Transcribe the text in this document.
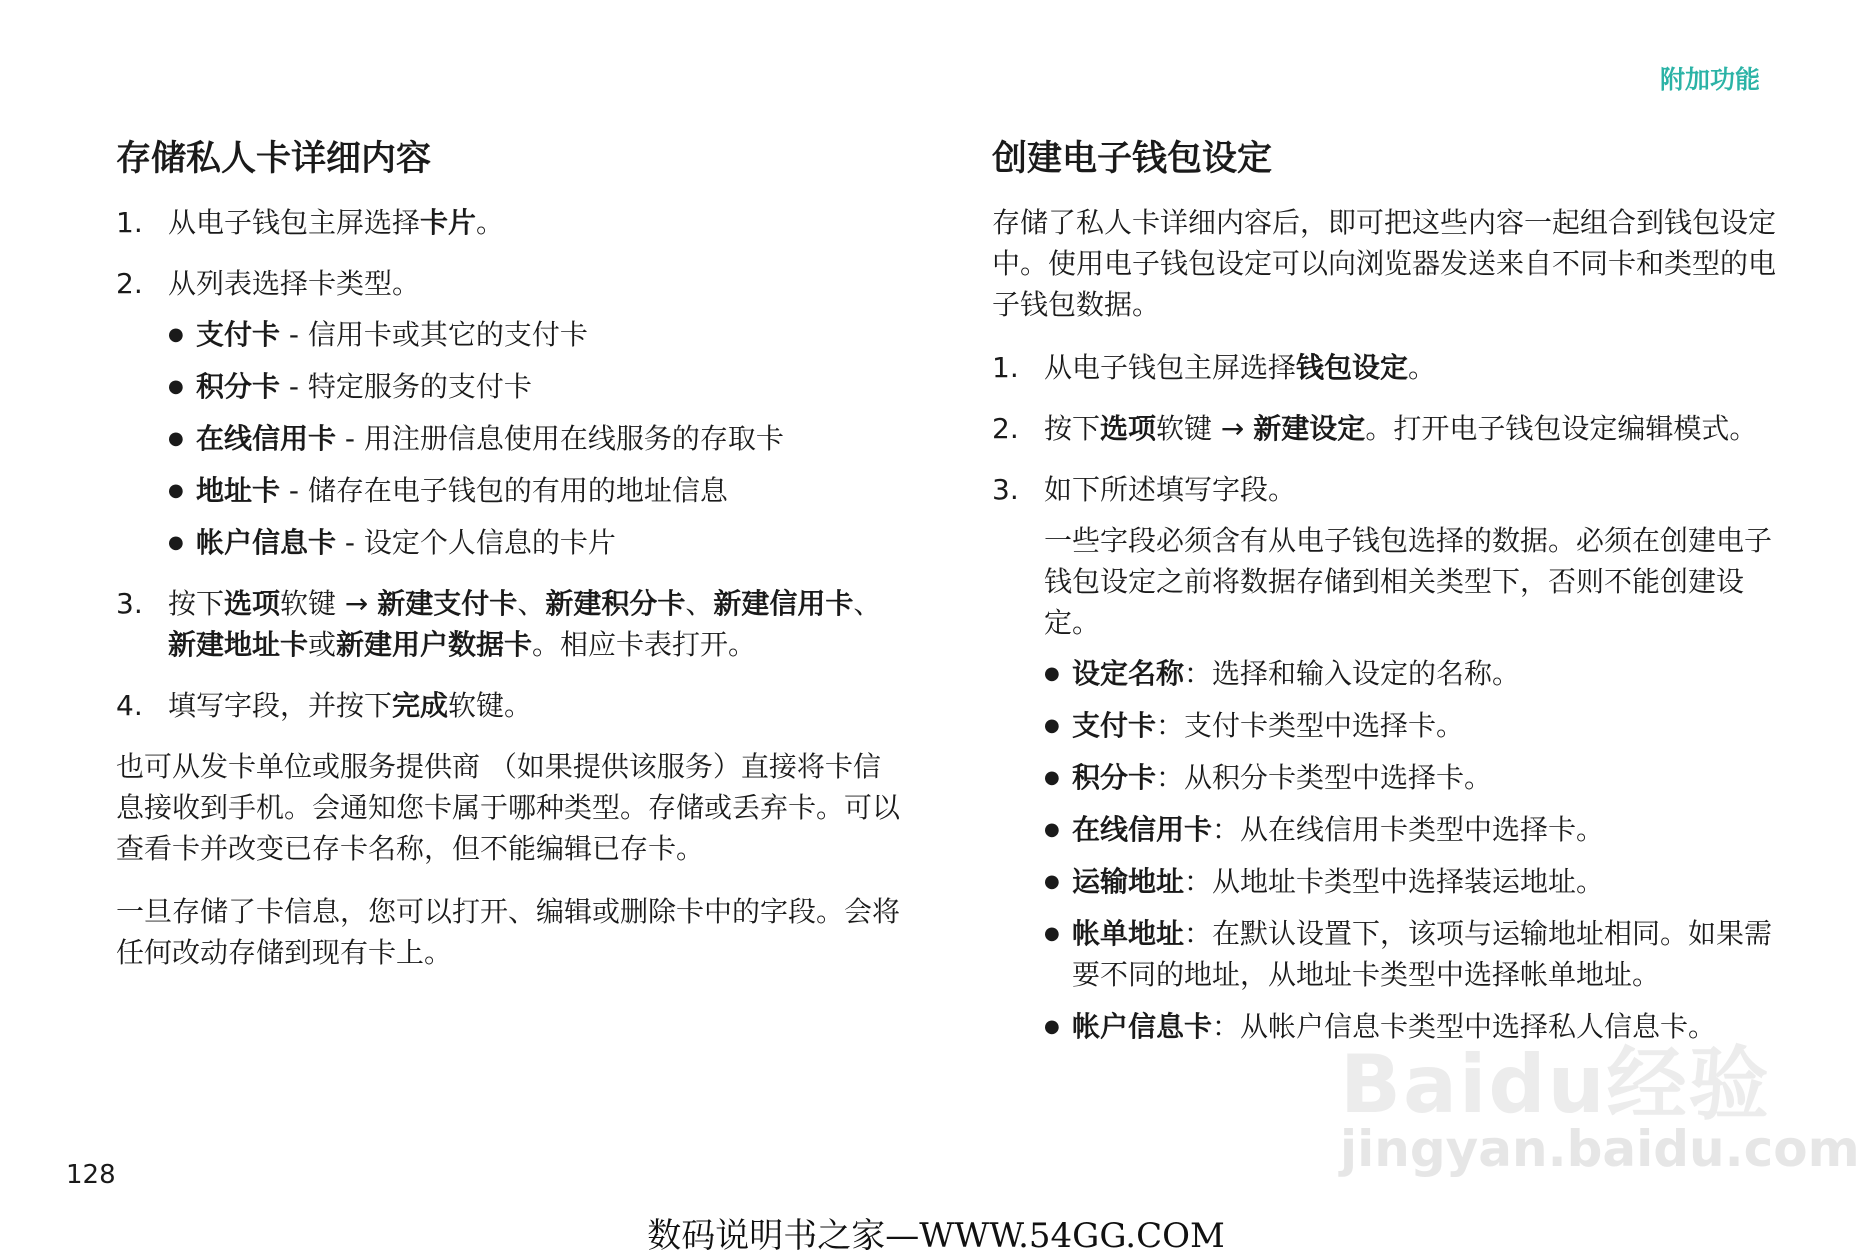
附加功能
存储私人卡详细内容
1. 从电子钱包主屏选择卡片。
2. 从列表选择卡类型。
● 支付卡 - 信用卡或其它的支付卡
● 积分卡 - 特定服务的支付卡
● 在线信用卡 - 用注册信息使用在线服务的存取卡
● 地址卡 - 储存在电子钱包的有用的地址信息
● 帐户信息卡 - 设定个人信息的卡片
3. 按下选项软键 → 新建支付卡、新建积分卡、新建信用卡、新建地址卡或新建用户数据卡。相应卡表打开。
4. 填写字段，并按下完成软键。

也可从发卡单位或服务提供商 （如果提供该服务）直接将卡信息接收到手机。会通知您卡属于哪种类型。存储或丢弃卡。可以查看卡并改变已存卡名称，但不能编辑已存卡。

一旦存储了卡信息，您可以打开、编辑或删除卡中的字段。会将任何改动存储到现有卡上。

创建电子钱包设定

存储了私人卡详细内容后，即可把这些内容一起组合到钱包设定中。使用电子钱包设定可以向浏览器发送来自不同卡和类型的电子钱包数据。

1. 从电子钱包主屏选择钱包设定。
2. 按下选项软键 → 新建设定。打开电子钱包设定编辑模式。
3. 如下所述填写字段。

一些字段必须含有从电子钱包选择的数据。必须在创建电子钱包设定之前将数据存储到相关类型下，否则不能创建设定。

● 设定名称：选择和输入设定的名称。
● 支付卡：支付卡类型中选择卡。
● 积分卡：从积分卡类型中选择卡。
● 在线信用卡：从在线信用卡类型中选择卡。
● 运输地址：从地址卡类型中选择装运地址。
● 帐单地址：在默认设置下，该项与运输地址相同。如果需要不同的地址，从地址卡类型中选择帐单地址。
● 帐户信息卡：从帐户信息卡类型中选择私人信息卡。
Baidu经验
jingyan.baidu.com
128
数码说明书之家—WWW.54GG.COM
